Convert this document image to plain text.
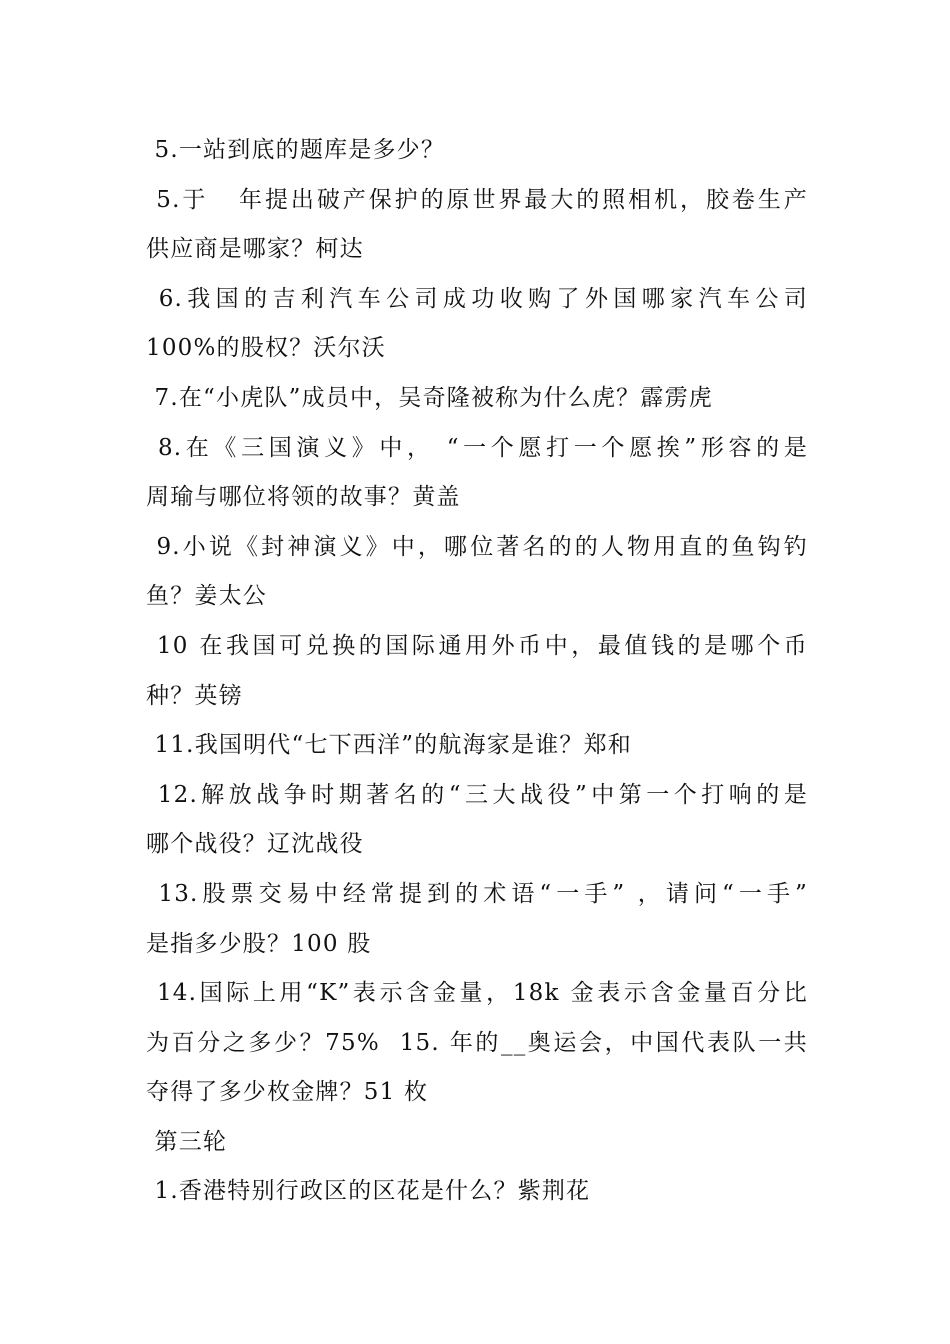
5.一站到底的题库是多少？
5.于   年提出破产保护的原世界最大的照相机，胶卷生产
供应商是哪家？柯达
6.我国的吉利汽车公司成功收购了外国哪家汽车公司
100%的股权？沃尔沃
7.在“小虎队”成员中，吴奇隆被称为什么虎？霹雳虎
8.在《三国演义》中， “一个愿打一个愿挨”形容的是
周瑜与哪位将领的故事？黄盖
9.小说《封神演义》中，哪位著名的的人物用直的鱼钩钓
鱼？姜太公
10 在我国可兑换的国际通用外币中，最值钱的是哪个币
种？英镑
11.我国明代“七下西洋”的航海家是谁？郑和
12.解放战争时期著名的“三大战役”中第一个打响的是
哪个战役？辽沈战役
13.股票交易中经常提到的术语“一手” ，请问“一手”
是指多少股？100 股
14.国际上用“K”表示含金量，18k 金表示含金量百分比
为百分之多少？75%  15. 年的__奥运会，中国代表队一共
夺得了多少枚金牌？51 枚
第三轮
1.香港特别行政区的区花是什么？紫荆花
